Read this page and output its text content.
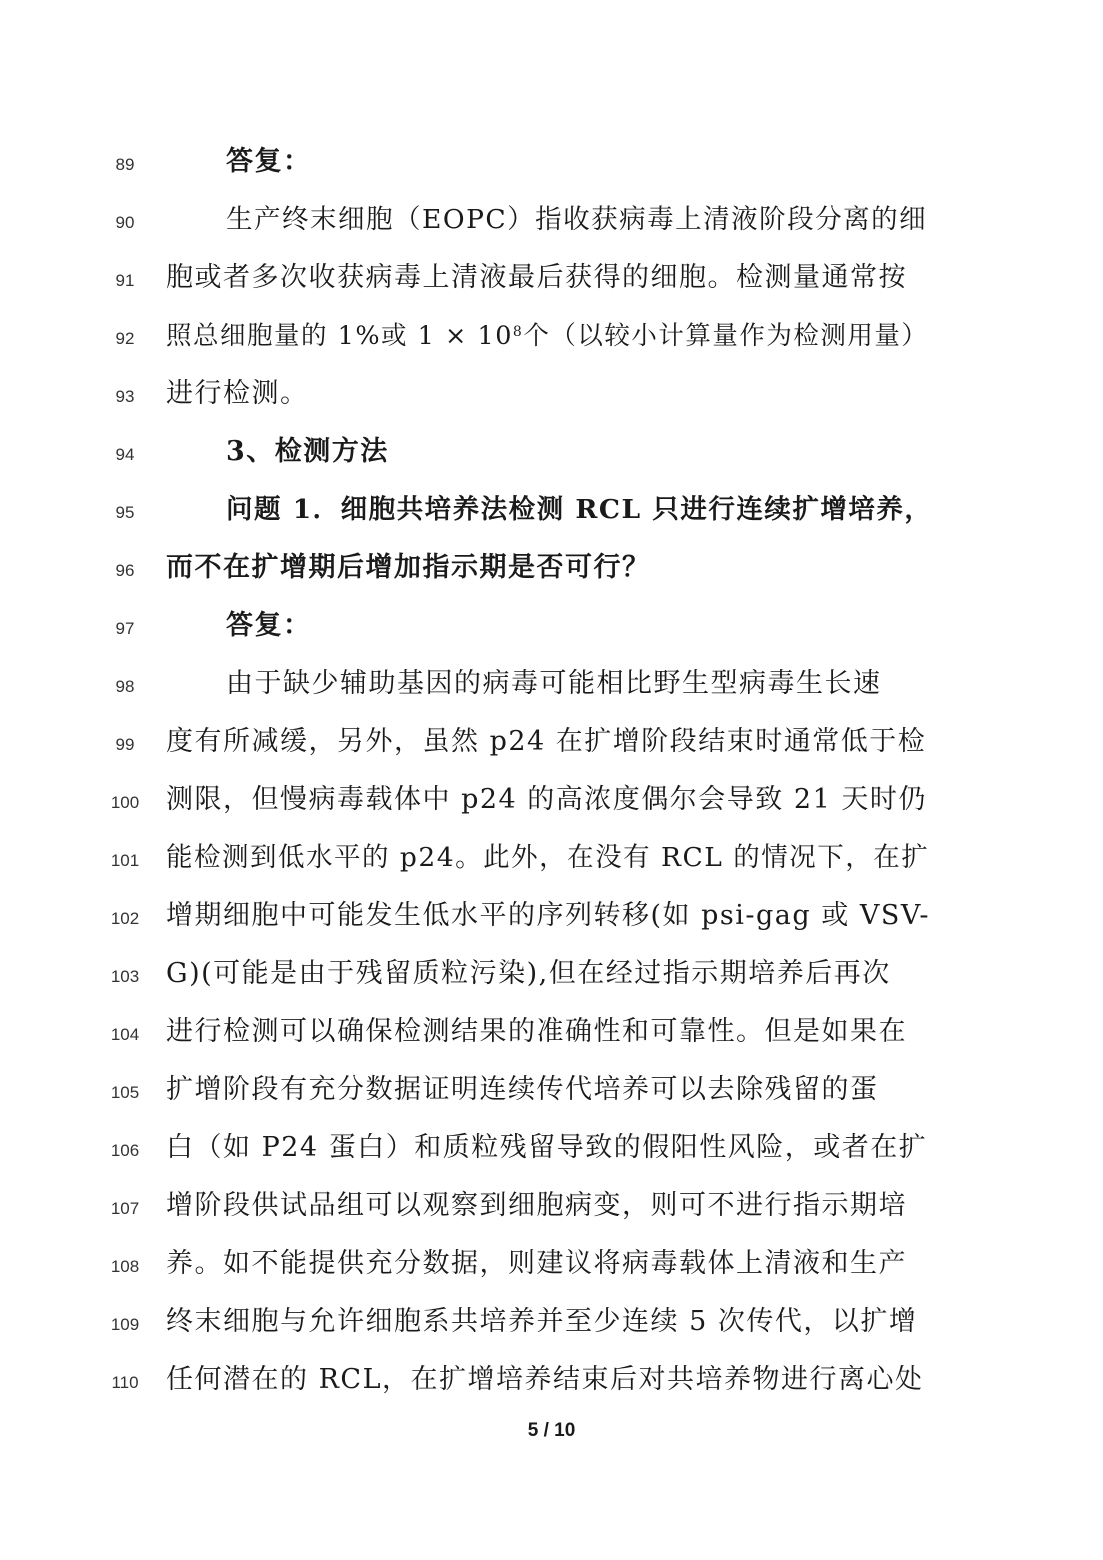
89	答复：
90	生产终末细胞（EOPC）指收获病毒上清液阶段分离的细
91	胞或者多次收获病毒上清液最后获得的细胞。检测量通常按
92	照总细胞量的 1%或 $1 \times 10^8$个（以较小计算量作为检测用量）
93	进行检测。
94	3、检测方法
95	问题 1．细胞共培养法检测 RCL 只进行连续扩增培养，
96	而不在扩增期后增加指示期是否可行？
97	答复：
98	由于缺少辅助基因的病毒可能相比野生型病毒生长速
99	度有所减缓，另外，虽然 p24 在扩增阶段结束时通常低于检
100 测限，但慢病毒载体中 p24 的高浓度偶尔会导致 21 天时仍
101	能检测到低水平的 p24。此外，在没有 RCL 的情况下，在扩
102 增期细胞中可能发生低水平的序列转移(如 psi-gag 或 VSV-
103 G)(可能是由于残留质粒污染),但在经过指示期培养后再次
104 进行检测可以确保检测结果的准确性和可靠性。但是如果在
105 扩增阶段有充分数据证明连续传代培养可以去除残留的蛋
106 白（如 P24 蛋白）和质粒残留导致的假阳性风险，或者在扩
107 增阶段供试品组可以观察到细胞病变，则可不进行指示期培
108 养。如不能提供充分数据，则建议将病毒载体上清液和生产
109 终末细胞与允许细胞系共培养并至少连续 5 次传代，以扩增
110	任何潜在的 RCL，在扩增培养结束后对共培养物进行离心处
5 / 10
